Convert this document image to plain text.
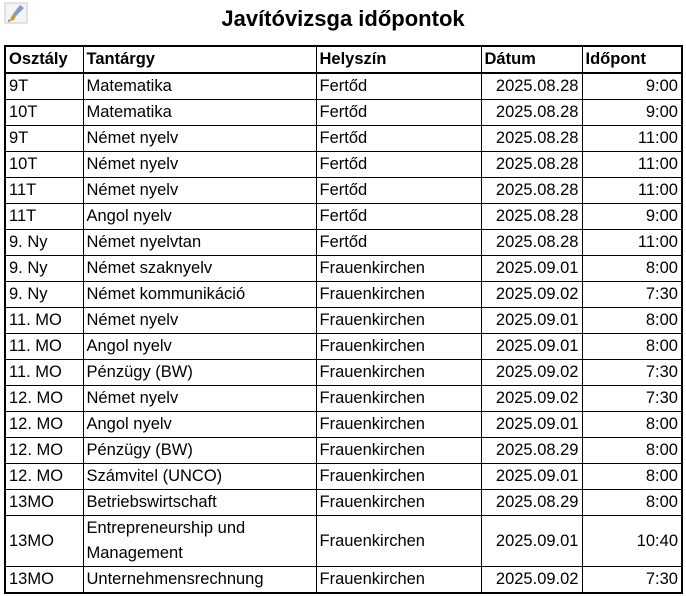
Javítóvizsga időpontok
Osztály	Tantárgy	Helyszín	Dátum	Időpont
9T	Matematika	Fertőd	2025.08.28	9:00
10T	Matematika	Fertőd	2025.08.28	9:00
9T	Német nyelv	Fertőd	2025.08.28	11:00
10T	Német nyelv	Fertőd	2025.08.28	11:00
11T	Német nyelv	Fertőd	2025.08.28	11:00
11T	Angol nyelv	Fertőd	2025.08.28	9:00
9. Ny	Német nyelvtan	Fertőd	2025.08.28	11:00
9. Ny	Német szaknyelv	Frauenkirchen	2025.09.01	8:00
9. Ny	Német kommunikáció	Frauenkirchen	2025.09.02	7:30
11. MO	Német nyelv	Frauenkirchen	2025.09.01	8:00
11. MO	Angol nyelv	Frauenkirchen	2025.09.01	8:00
11. MO	Pénzügy (BW)	Frauenkirchen	2025.09.02	7:30
12. MO	Német nyelv	Frauenkirchen	2025.09.02	7:30
12. MO	Angol nyelv	Frauenkirchen	2025.09.01	8:00
12. MO	Pénzügy (BW)	Frauenkirchen	2025.08.29	8:00
12. MO	Számvitel (UNCO)	Frauenkirchen	2025.09.01	8:00
13MO	Betriebswirtschaft	Frauenkirchen	2025.08.29	8:00
13MO	Entrepreneurship und Management	Frauenkirchen	2025.09.01	10:40
13MO	Unternehmensrechnung	Frauenkirchen	2025.09.02	7:30
